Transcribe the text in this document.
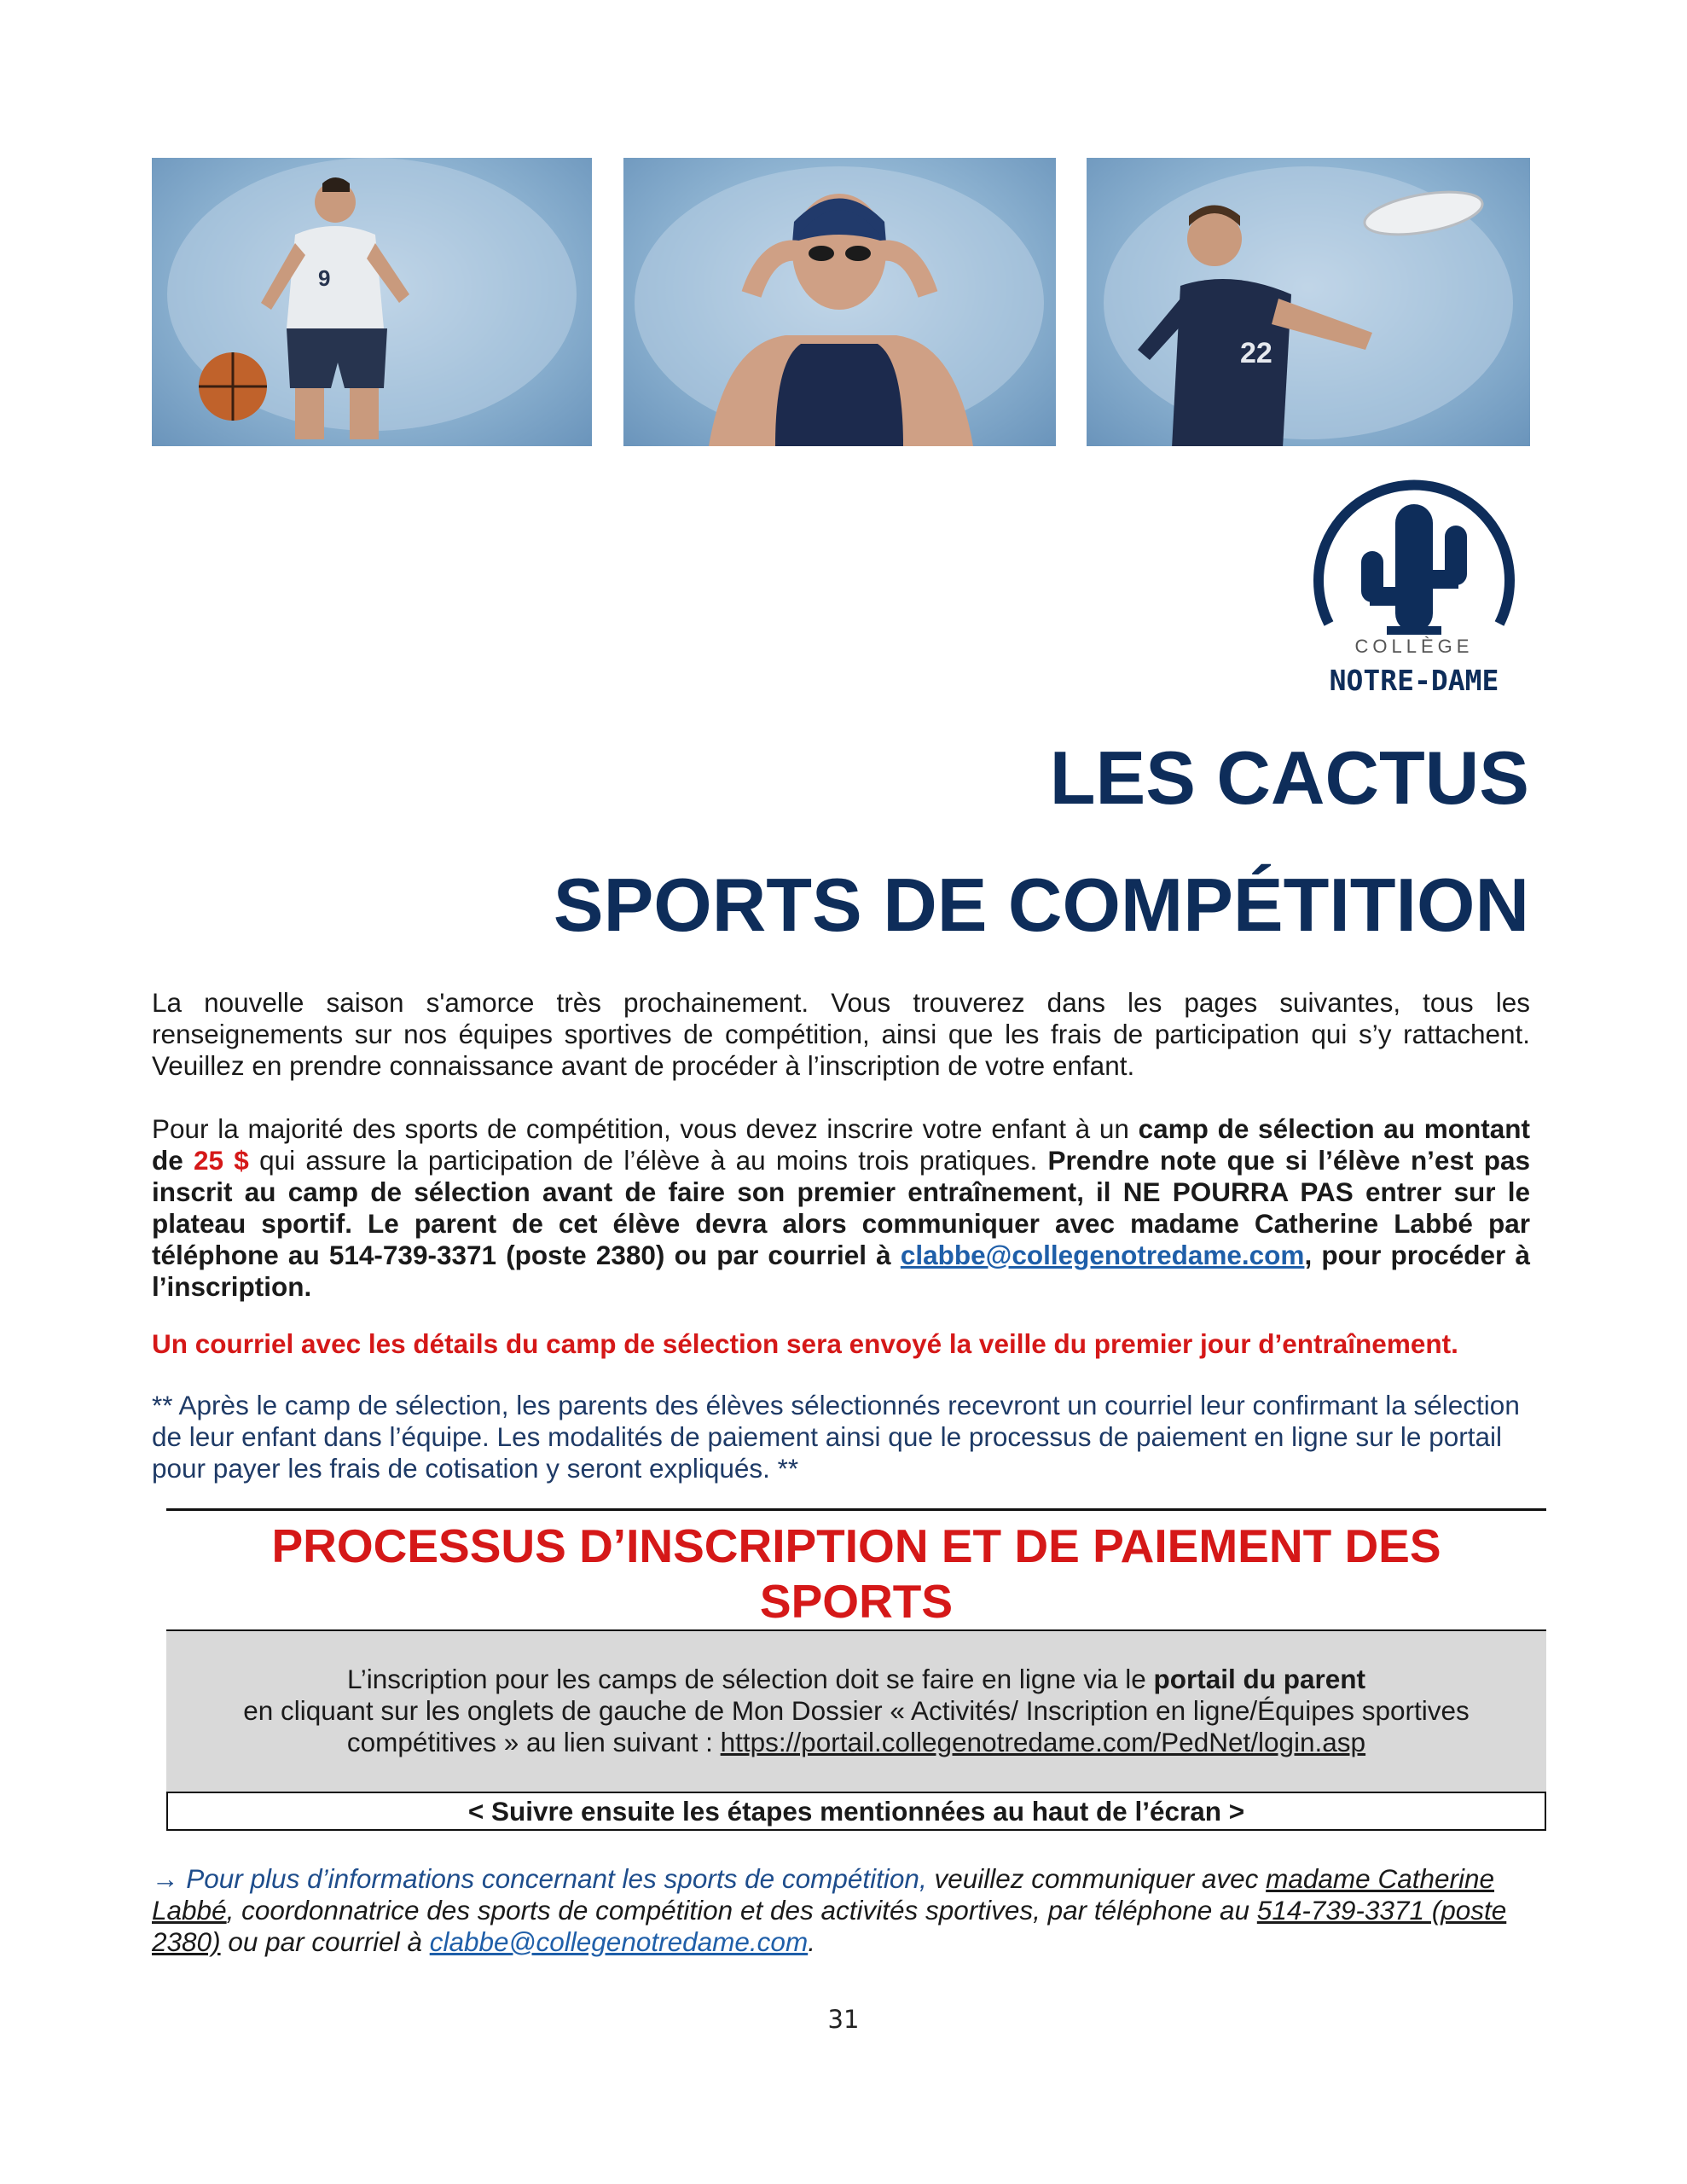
9
22
COLLÈGE
NOTRE-DAME
LES CACTUS
SPORTS DE COMPÉTITION

La nouvelle saison s'amorce très prochainement. Vous trouverez dans les pages suivantes, tous les renseignements sur nos équipes sportives de compétition, ainsi que les frais de participation qui s’y rattachent. Veuillez en prendre connaissance avant de procéder à l’inscription de votre enfant.

Pour la majorité des sports de compétition, vous devez inscrire votre enfant à un camp de sélection au montant de 25 $ qui assure la participation de l’élève à au moins trois pratiques. Prendre note que si l’élève n’est pas inscrit au camp de sélection avant de faire son premier entraînement, il NE POURRA PAS entrer sur le plateau sportif. Le parent de cet élève devra alors communiquer avec madame Catherine Labbé par téléphone au 514-739-3371 (poste 2380) ou par courriel à clabbe@collegenotredame.com, pour procéder à l’inscription.

Un courriel avec les détails du camp de sélection sera envoyé la veille du premier jour d’entraînement.

** Après le camp de sélection, les parents des élèves sélectionnés recevront un courriel leur confirmant la sélection de leur enfant dans l’équipe. Les modalités de paiement ainsi que le processus de paiement en ligne sur le portail pour payer les frais de cotisation y seront expliqués. **

PROCESSUS D’INSCRIPTION ET DE PAIEMENT DES
SPORTS

L’inscription pour les camps de sélection doit se faire en ligne via le portail du parent

en cliquant sur les onglets de gauche de Mon Dossier « Activités/ Inscription en ligne/Équipes sportives

compétitives » au lien suivant : https://portail.collegenotredame.com/PedNet/login.asp

< Suivre ensuite les étapes mentionnées au haut de l’écran >

→ Pour plus d’informations concernant les sports de compétition, veuillez communiquer avec madame Catherine Labbé, coordonnatrice des sports de compétition et des activités sportives, par téléphone au 514-739-3371 (poste 2380) ou par courriel à clabbe@collegenotredame.com.

31
